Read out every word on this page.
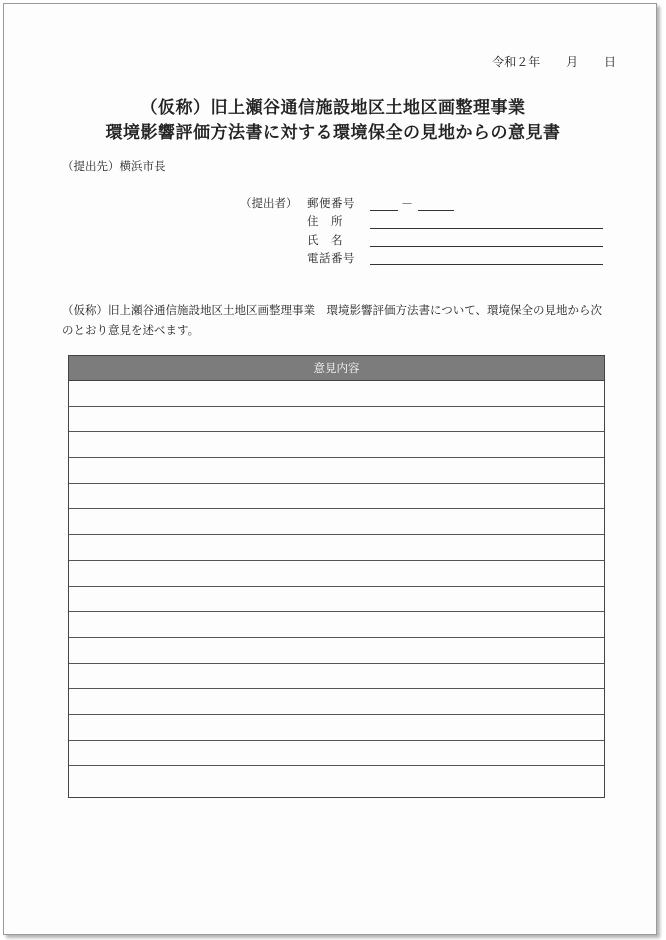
令和２年 月 日
（仮称）旧上瀬谷通信施設地区土地区画整理事業
環境影響評価方法書に対する環境保全の見地からの意見書
（提出先）横浜市長
（提出者） 郵便番号	－
住　所
氏　名
電話番号
（仮称）旧上瀬谷通信施設地区土地区画整理事業　環境影響評価方法書について、環境保全の見地から次のとおり意見を述べます。
意見内容
